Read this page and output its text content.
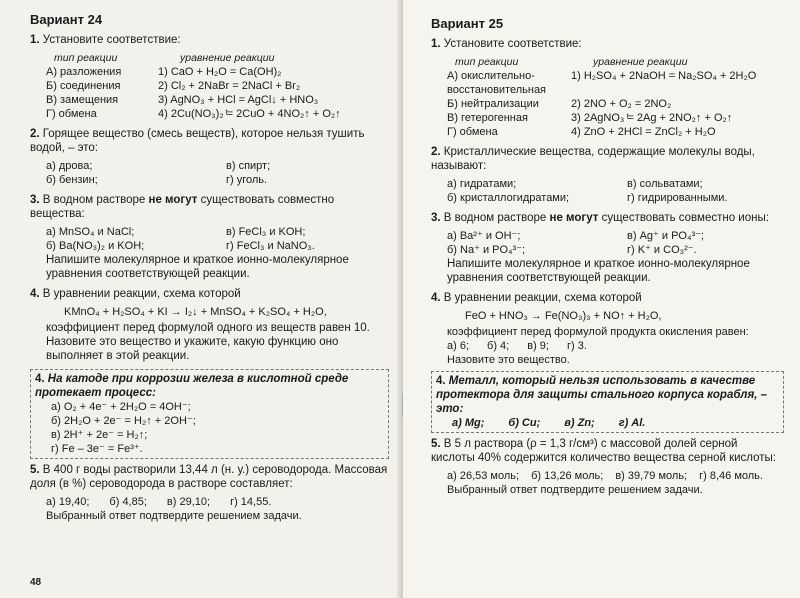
Вариант 24
1. Установите соответствие:
тип реакции	уравнение реакции
А) разложения	1) CaO + H₂O = Ca(OH)₂
Б) соединения	2) Cl₂ + 2NaBr = 2NaCl + Br₂
В) замещения	3) AgNO₃ + HCl = AgCl↓ + HNO₃
Г) обмена	4) 2Cu(NO₃)₂ ͭ= 2CuO + 4NO₂↑ + O₂↑
2. Горящее вещество (смесь веществ), которое нельзя тушить водой, – это:
а) дрова;	в) спирт;
б) бензин;	г) уголь.
3. В водном растворе не могут существовать совместно вещества:
а) MnSO₄ и NaCl;	в) FeCl₃ и KOH;
б) Ba(NO₃)₂ и KOH;	г) FeCl₃ и NaNO₃.
Напишите молекулярное и краткое ионно-молекулярное уравнения соответствующей реакции.
4. В уравнении реакции, схема которой
KMnO₄ + H₂SO₄ + KI → I₂↓ + MnSO₄ + K₂SO₄ + H₂O,
коэффициент перед формулой одного из веществ равен 10. Назовите это вещество и укажите, какую функцию оно выполняет в этой реакции.
4. На катоде при коррозии железа в кислотной среде протекает процесс:
а) O₂ + 4e⁻ + 2H₂O = 4OH⁻;
б) 2H₂O + 2e⁻ = H₂↑ + 2OH⁻;
в) 2H⁺ + 2e⁻ = H₂↑;
г) Fe – 3e⁻ = Fe³⁺.
5. В 400 г воды растворили 13,44 л (н. у.) сероводорода. Массовая доля (в %) сероводорода в растворе составляет:
а) 19,40; б) 4,85; в) 29,10; г) 14,55.
Выбранный ответ подтвердите решением задачи.
48
Вариант 25
1. Установите соответствие:
тип реакции	уравнение реакции
А) окислительно-восстановительная
1) H₂SO₄ + 2NaOH = Na₂SO₄ + 2H₂O
Б) нейтрализации	2) 2NO + O₂ = 2NO₂
В) гетерогенная	3) 2AgNO₃ ͭ= 2Ag + 2NO₂↑ + O₂↑
Г) обмена	4) ZnO + 2HCl = ZnCl₂ + H₂O
2. Кристаллические вещества, содержащие молекулы воды, называют:
а) гидратами;	в) сольватами;
б) кристаллогидратами;	г) гидрированными.
3. В водном растворе не могут существовать совместно ионы:
а) Ba²⁺ и OH⁻;	в) Ag⁺ и PO₄³⁻;
б) Na⁺ и PO₄³⁻;	г) K⁺ и CO₃²⁻.
Напишите молекулярное и краткое ионно-молекулярное уравнения соответствующей реакции.
4. В уравнении реакции, схема которой
FeO + HNO₃ → Fe(NO₃)₃ + NO↑ + H₂O,
коэффициент перед формулой продукта окисления равен:
а) 6; б) 4; в) 9; г) 3.
Назовите это вещество.
4. Металл, который нельзя использовать в качестве протектора для защиты стального корпуса корабля, – это:
а) Mg; б) Cu; в) Zn; г) Al.
5. В 5 л раствора (ρ = 1,3 г/см³) с массовой долей серной кислоты 40% содержится количество вещества серной кислоты:
а) 26,53 моль; б) 13,26 моль; в) 39,79 моль; г) 8,46 моль.
Выбранный ответ подтвердите решением задачи.
